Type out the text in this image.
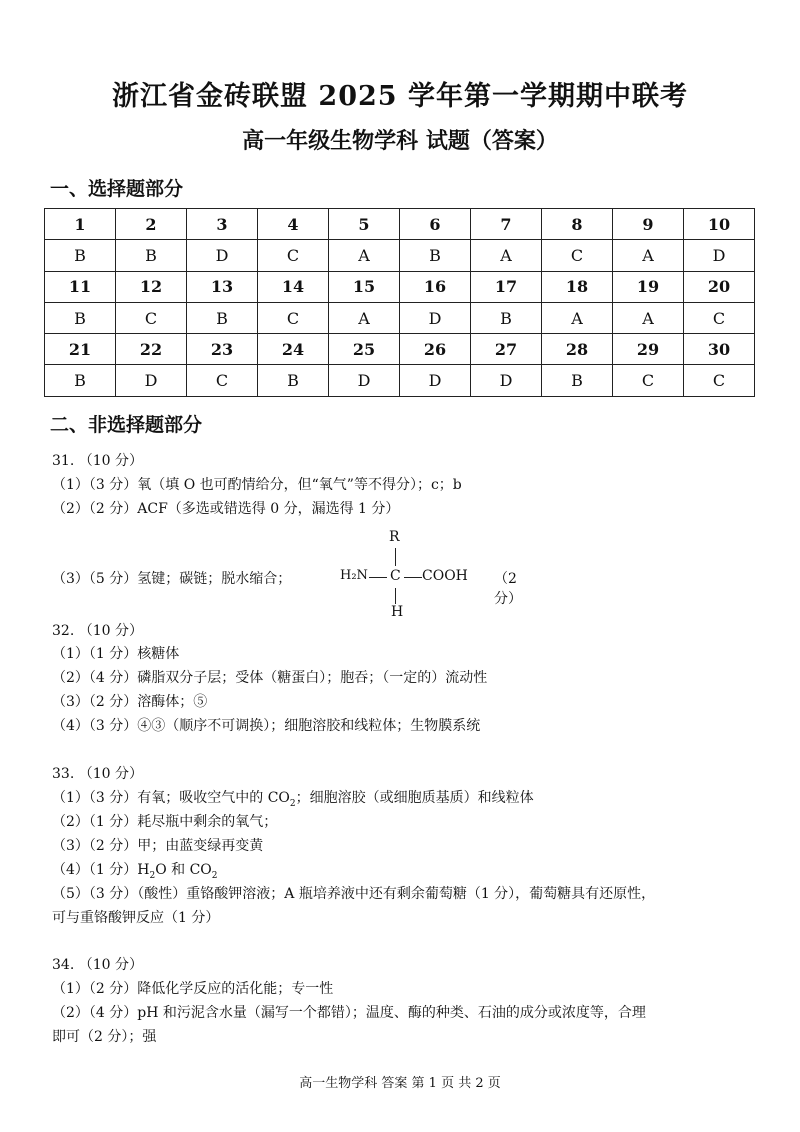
浙江省金砖联盟 2025 学年第一学期期中联考
高一年级生物学科 试题（答案）
一、选择题部分
1	2	3	4	5	6	7	8	9	10
B	B	D	C	A	B	A	C	A	D
11	12	13	14	15	16	17	18	19	20
B	C	B	C	A	D	B	A	A	C
21	22	23	24	25	26	27	28	29	30
B	D	C	B	D	D	D	B	C	C
二、非选择题部分
31. （10 分）
（1）（3 分）氧（填 O 也可酌情给分，但“氧气”等不得分）；c；b
（2）（2 分）ACF（多选或错选得 0 分，漏选得 1 分）
（3）（5 分）氢键；碳链；脱水缩合；
R
H₂N C COOH
H
（2 分）
32. （10 分）
（1）（1 分）核糖体
（2）（4 分）磷脂双分子层；受体（糖蛋白）；胞吞；（一定的）流动性
（3）（2 分）溶酶体；⑤
（4）（3 分）④③（顺序不可调换）；细胞溶胶和线粒体；生物膜系统
33. （10 分）
（1）（3 分）有氧；吸收空气中的 $CO_2$；细胞溶胶（或细胞质基质）和线粒体
（2）（1 分）耗尽瓶中剩余的氧气；
（3）（2 分）甲；由蓝变绿再变黄
（4）（1 分）$H_2O$ 和 $CO_2$
（5）（3 分）（酸性）重铬酸钾溶液；A 瓶培养液中还有剩余葡萄糖（1 分），葡萄糖具有还原性，
可与重铬酸钾反应（1 分）
34. （10 分）
（1）（2 分）降低化学反应的活化能；专一性
（2）（4 分）pH 和污泥含水量（漏写一个都错）；温度、酶的种类、石油的成分或浓度等，合理
即可（2 分）；强
高一生物学科 答案 第 1 页 共 2 页
